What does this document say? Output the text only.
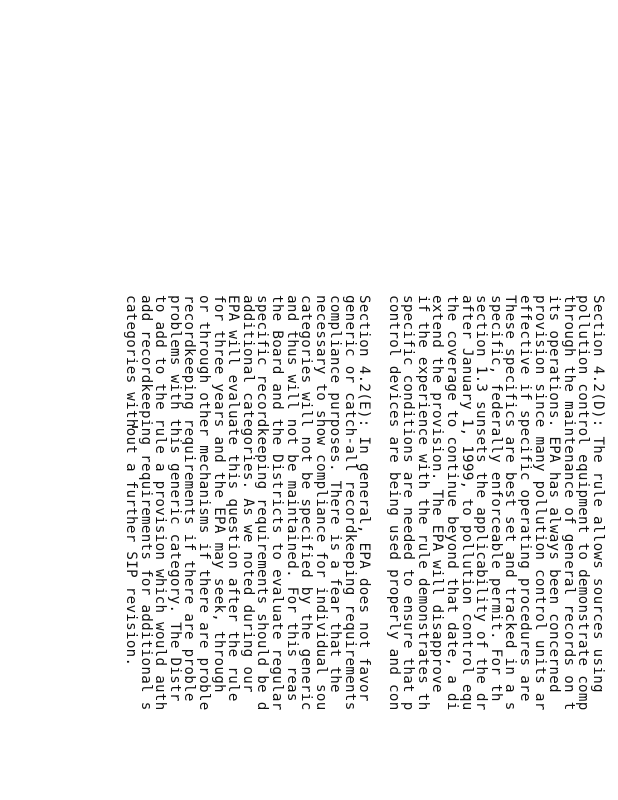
Section 4.2(D): The rule allows sources using
pollution control equipment to demonstrate comp
through the maintenance of general records on t
its operations. EPA has always been concerned
provision since many pollution control units ar
effective if specific operating procedures are
These specifics are best set and tracked in a s
specific, federally enforceable permit. For th
section 1.3 sunsets the applicability of the dr
after January 1, 1999, to pollution control equ
the coverage to continue beyond that date, a di
extend the provision. The EPA will disapprove
if the experience with the rule demonstrates th
specific conditions are needed to ensure that p
control devices are being used properly and con
Section 4.2(E): In general, EPA does not favor
generic or catch-all recordkeeping requirements
compliance purposes. There is a fear that the
necessary to show compliance for individual sou
categories will not be specified by the generic
and thus will not be maintained. For this reas
the Board and the Districts to evaluate regular
specific recordkeeping requirements should be d
additional categories. As we noted during our
EPA will evaluate this question after the rule
for three years and the EPA may seek, through
or through other mechanisms if there are proble
recordkeeping requirements if there are proble
problems with this generic category. The Distr
to add to the rule a provision which would auth
add recordkeeping requirements for additional s
categories without a further SIP revision.
